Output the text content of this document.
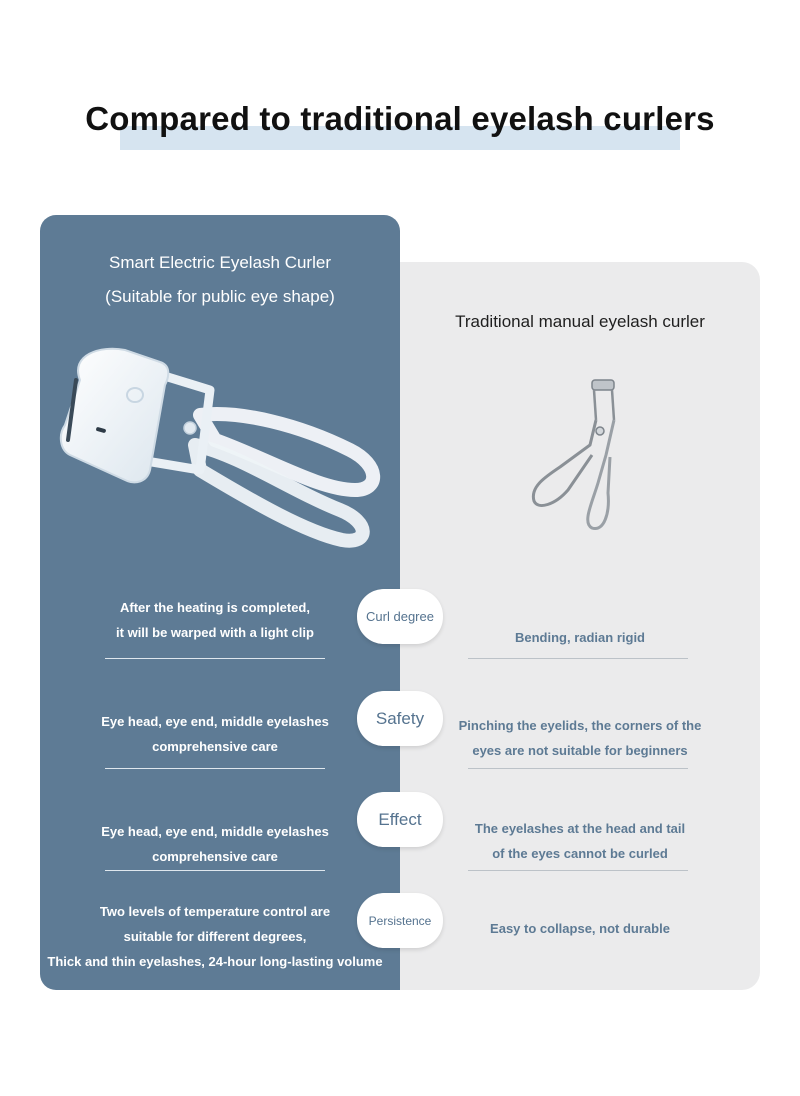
Compared to traditional eyelash curlers
Smart Electric Eyelash Curler
(Suitable for public eye shape)
Traditional manual eyelash curler
After the heating is completed,
it will be warped with a light clip
Curl degree
Bending, radian rigid
Eye head, eye end, middle eyelashes
comprehensive care
Safety	Pinching the eyelids, the corners of the
eyes are not suitable for beginners
Eye head, eye end, middle eyelashes
comprehensive care
Effect	The eyelashes at the head and tail
of the eyes cannot be curled
Two levels of temperature control are
suitable for different degrees,
Thick and thin eyelashes, 24-hour long-lasting volume
Persistence
Easy to collapse, not durable
